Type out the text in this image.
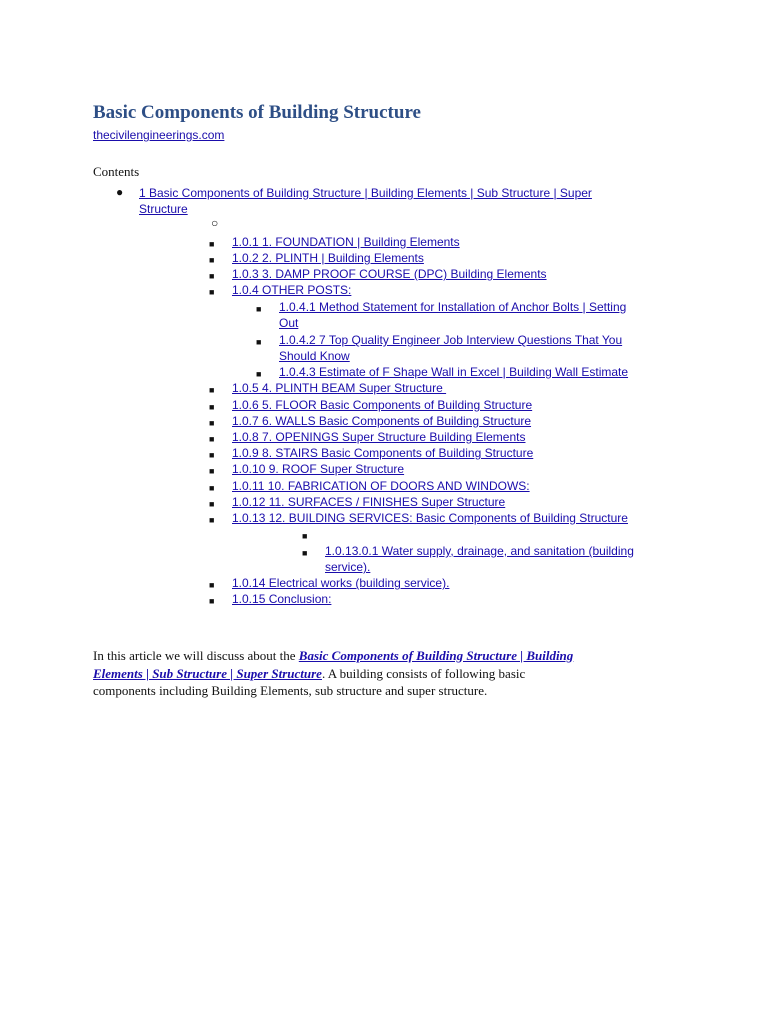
Basic Components of Building Structure
thecivilengineerings.com
Contents
● 1 Basic Components of Building Structure | Building Elements | Sub Structure | Super
Structure
○
■ 1.0.1 1. FOUNDATION | Building Elements
■ 1.0.2 2. PLINTH | Building Elements
■ 1.0.3 3. DAMP PROOF COURSE (DPC) Building Elements
■ 1.0.4 OTHER POSTS:
■ 1.0.4.1 Method Statement for Installation of Anchor Bolts | Setting
Out
■ 1.0.4.2 7 Top Quality Engineer Job Interview Questions That You
Should Know
■ 1.0.4.3 Estimate of F Shape Wall in Excel | Building Wall Estimate
■ 1.0.5 4. PLINTH BEAM Super Structure
■ 1.0.6 5. FLOOR Basic Components of Building Structure
■ 1.0.7 6. WALLS Basic Components of Building Structure
■ 1.0.8 7. OPENINGS Super Structure Building Elements
■ 1.0.9 8. STAIRS Basic Components of Building Structure
■ 1.0.10 9. ROOF Super Structure
■ 1.0.11 10. FABRICATION OF DOORS AND WINDOWS:
■ 1.0.12 11. SURFACES / FINISHES Super Structure
■ 1.0.13 12. BUILDING SERVICES: Basic Components of Building Structure
■
■ 1.0.13.0.1 Water supply, drainage, and sanitation (building
service).
■ 1.0.14 Electrical works (building service).
■ 1.0.15 Conclusion:

In this article we will discuss about the Basic Components of Building Structure | Building
Elements | Sub Structure | Super Structure. A building consists of following basic
components including Building Elements, sub structure and super structure.
